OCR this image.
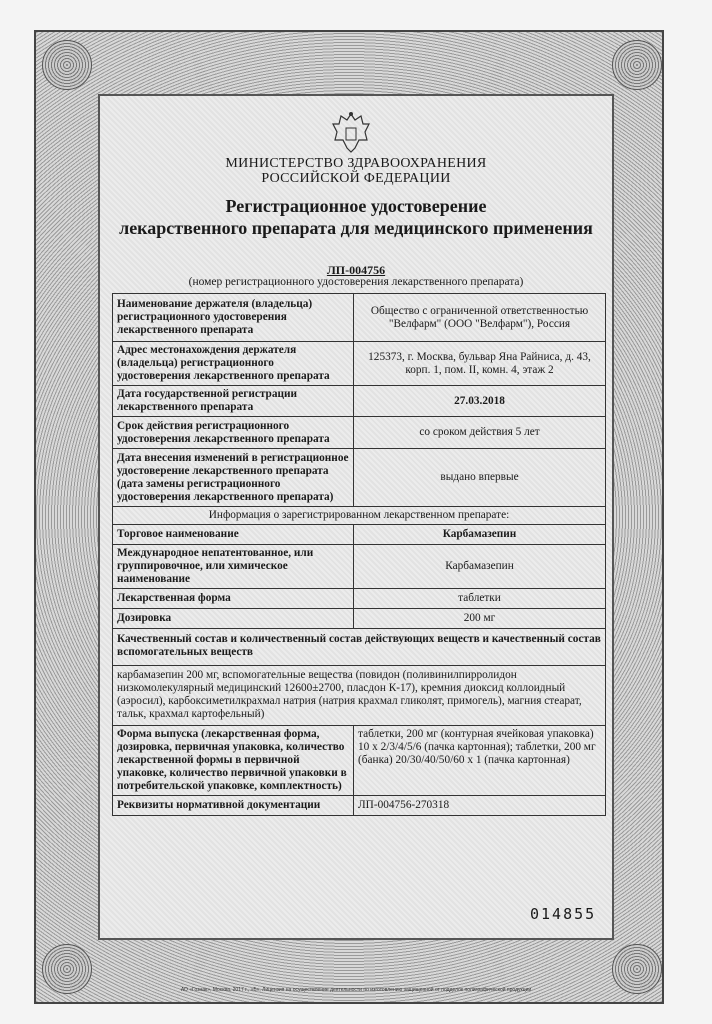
МИНИСТЕРСТВО ЗДРАВООХРАНЕНИЯ
РОССИЙСКОЙ ФЕДЕРАЦИИ
Регистрационное удостоверение
лекарственного препарата для медицинского применения
ЛП-004756
(номер регистрационного удостоверения лекарственного препарата)
Наименование держателя (владельца) регистрационного удостоверения лекарственного препарата	Общество с ограниченной ответственностью "Велфарм" (ООО "Велфарм"), Россия
Адрес местонахождения держателя (владельца) регистрационного удостоверения лекарственного препарата	125373, г. Москва, бульвар Яна Райниса, д. 43, корп. 1, пом. II, комн. 4, этаж 2
Дата государственной регистрации лекарственного препарата	27.03.2018
Срок действия регистрационного удостоверения лекарственного препарата	со сроком действия 5 лет
Дата внесения изменений в регистрационное удостоверение лекарственного препарата (дата замены регистрационного удостоверения лекарственного препарата)	выдано впервые
Информация о зарегистрированном лекарственном препарате:	
Торговое наименование	Карбамазепин
Международное непатентованное, или группировочное, или химическое наименование	Карбамазепин
Лекарственная форма	таблетки
Дозировка	200 мг
Качественный состав и количественный состав действующих веществ и качественный состав вспомогательных веществ	
карбамазепин 200 мг, вспомогательные вещества (повидон (поливинилпирролидон низкомолекулярный медицинский 12600±2700, пласдон К-17), кремния диоксид коллоидный (аэросил), карбоксиметилкрахмал натрия (натрия крахмал гликолят, примогель), магния стеарат, тальк, крахмал картофельный)	
Форма выпуска (лекарственная форма, дозировка, первичная упаковка, количество лекарственной формы в первичной упаковке, количество первичной упаковки в потребительской упаковке, комплектность)	таблетки, 200 мг (контурная ячейковая упаковка) 10 х 2/3/4/5/6 (пачка картонная); таблетки, 200 мг (банка) 20/30/40/50/60 х 1 (пачка картонная)
Реквизиты нормативной документации	ЛП-004756-270318
014855
АО «Гознак», Москва, 2017 г., «Б», Лицензия на осуществление деятельности по изготовлению защищенной от подделок полиграфической продукции
